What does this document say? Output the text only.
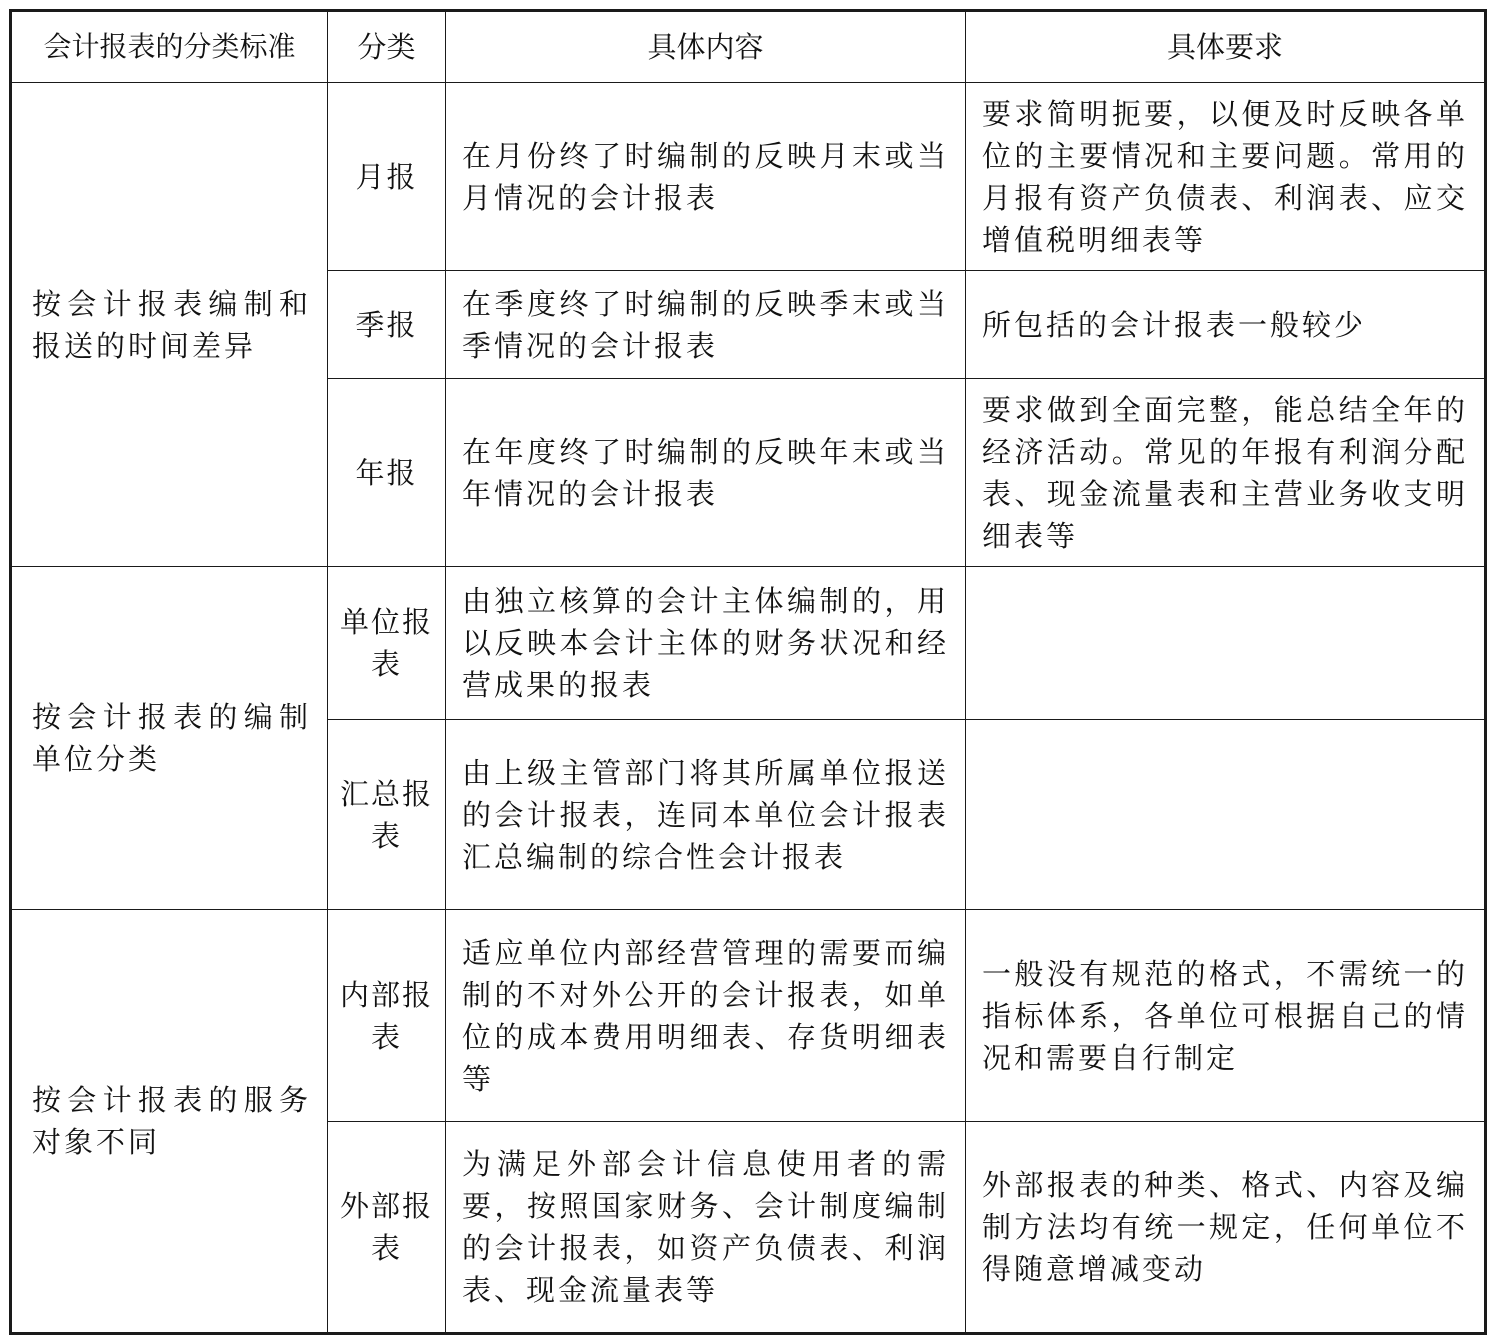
会计报表的分类标准	分类	具体内容	具体要求
按会计报表编制和报送的时间差异	月报	在月份终了时编制的反映月末或当月情况的会计报表	要求简明扼要，以便及时反映各单位的主要情况和主要问题。常用的月报有资产负债表、利润表、应交增值税明细表等
	季报	在季度终了时编制的反映季末或当季情况的会计报表	所包括的会计报表一般较少
	年报	在年度终了时编制的反映年末或当年情况的会计报表	要求做到全面完整，能总结全年的经济活动。常见的年报有利润分配表、现金流量表和主营业务收支明细表等
按会计报表的编制单位分类	单位报表	由独立核算的会计主体编制的，用以反映本会计主体的财务状况和经营成果的报表	
	汇总报表	由上级主管部门将其所属单位报送的会计报表，连同本单位会计报表汇总编制的综合性会计报表	
按会计报表的服务对象不同	内部报表	适应单位内部经营管理的需要而编制的不对外公开的会计报表，如单位的成本费用明细表、存货明细表等	一般没有规范的格式，不需统一的指标体系，各单位可根据自己的情况和需要自行制定
	外部报表	为满足外部会计信息使用者的需要，按照国家财务、会计制度编制的会计报表，如资产负债表、利润表、现金流量表等	外部报表的种类、格式、内容及编制方法均有统一规定，任何单位不得随意增减变动
